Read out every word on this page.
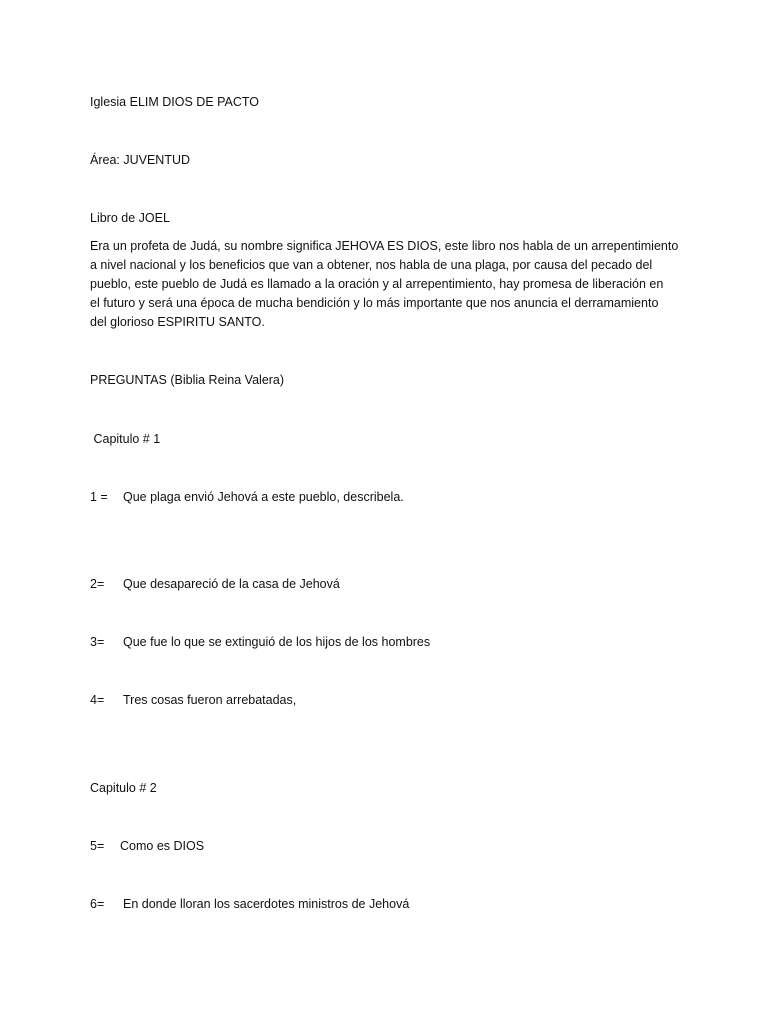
Iglesia ELIM DIOS DE PACTO
Área: JUVENTUD
Libro de JOEL
Era un profeta de Judá, su nombre significa JEHOVA ES DIOS, este libro nos habla de un arrepentimiento
a nivel nacional y los beneficios que van a obtener, nos habla de una plaga, por causa del pecado del
pueblo, este pueblo de Judá es llamado a la oración y al arrepentimiento, hay promesa de liberación en
el futuro y será una época de mucha bendición y lo más importante que nos anuncia el derramamiento
del glorioso ESPIRITU SANTO.
PREGUNTAS (Biblia Reina Valera)
Capitulo # 1
1 = Que plaga envió Jehová a este pueblo, describela.
2= Que desapareció de la casa de Jehová
3= Que fue lo que se extinguió de los hijos de los hombres
4= Tres cosas fueron arrebatadas,
Capitulo # 2
5= Como es DIOS
6= En donde lloran los sacerdotes ministros de Jehová
